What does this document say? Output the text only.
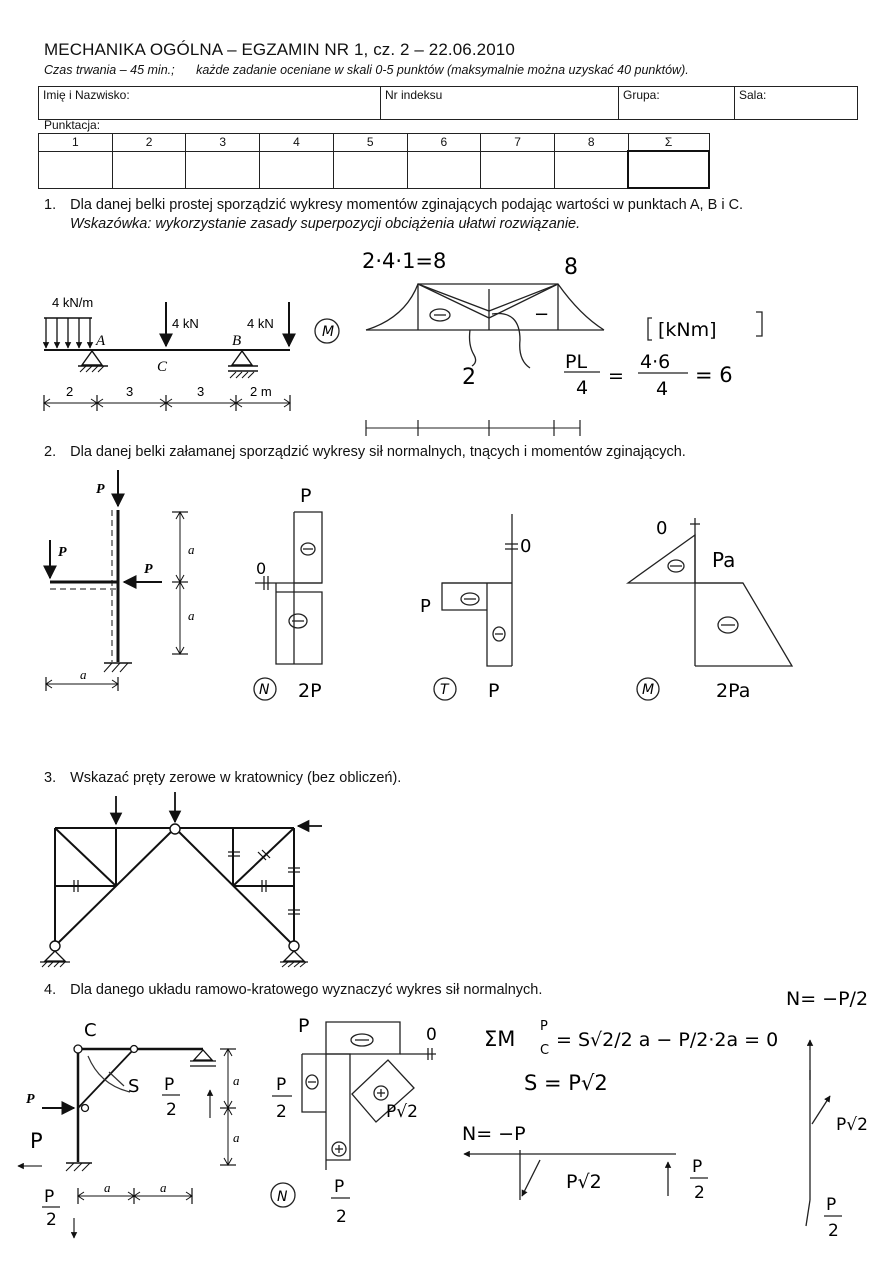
MECHANIKA OGÓLNA – EGZAMIN NR 1, cz. 2 – 22.06.2010
Czas trwania – 45 min.; każde zadanie oceniane w skali 0-5 punktów (maksymalnie można uzyskać 40 punktów).
Imię i Nazwisko:	Nr indeksu	Grupa:	Sala:
Punktacja:
1	2	3	4	5	6	7	8	Σ

1. Dla danej belki prostej sporządzić wykresy momentów zginających podając wartości w punktach A, B i C.
Wskazówka: wykorzystanie zasady superpozycji obciążenia ułatwi rozwiązanie.
2. Dla danej belki załamanej sporządzić wykresy sił normalnych, tnących i momentów zginających.
3. Wskazać pręty zerowe w kratownicy (bez obliczeń).
4. Dla danego układu ramowo-kratowego wyznaczyć wykres sił normalnych.
4 kN/m
4 kN	4 kN
A
C
B
2	3	3	2 m
M
2·4·1=8	8
2
−
[kNm]
PL
4
=
4·6
4
= 6
P
P
P
a
a
a
P
0
N 2P
0
P
T P
0
Pa
M	2Pa
P
a
a
a	a
C
S
P
P
2
P
2
P	0
P
2	P√2
N	P
2
ΣM
P
C = S√2/2 a − P/2·2a = 0
S = P√2
N= −P
P√2
P
2
N= −P/2
P√2
P
2
